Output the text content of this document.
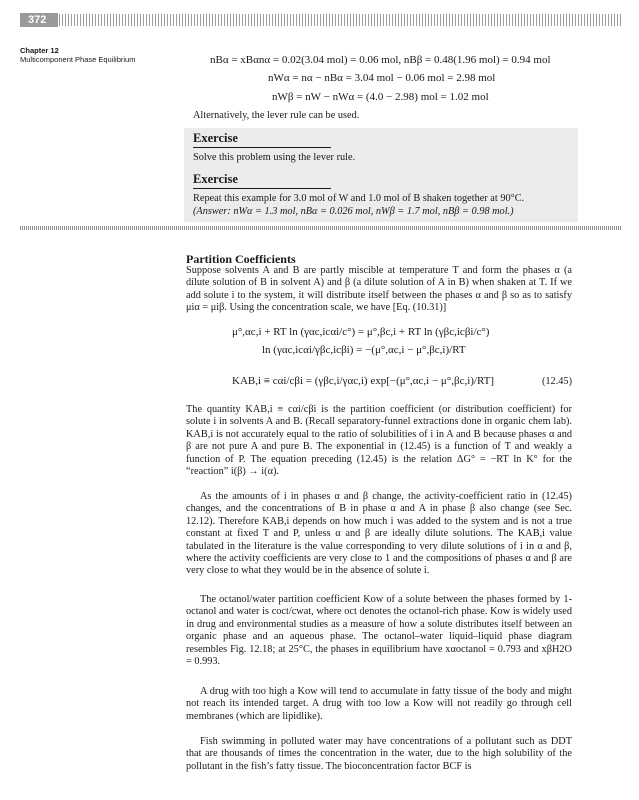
372
Chapter 12
Multicomponent Phase Equilibrium	nBα = xBαnα = 0.02(3.04 mol) = 0.06 mol, nBβ = 0.48(1.96 mol) = 0.94 mol
nWα = nα − nBα = 3.04 mol − 0.06 mol = 2.98 mol
nWβ = nW − nWα = (4.0 − 2.98) mol = 1.02 mol
Alternatively, the lever rule can be used.
Exercise
Solve this problem using the lever rule.
Exercise
Repeat this example for 3.0 mol of W and 1.0 mol of B shaken together at 90°C.
(Answer: nWα = 1.3 mol, nBα = 0.026 mol, nWβ = 1.7 mol, nBβ = 0.98 mol.)
Partition Coefficients

Suppose solvents A and B are partly miscible at temperature T and form the phases α (a dilute solution of B in solvent A) and β (a dilute solution of A in B) when shaken at T. If we add solute i to the system, it will distribute itself between the phases α and β so as to satisfy μiα = μiβ. Using the concentration scale, we have [Eq. (10.31)]

μ°,αc,i + RT ln (γαc,icαi/c°) = μ°,βc,i + RT ln (γβc,icβi/c°)
ln (γαc,icαi/γβc,icβi) = −(μ°,αc,i − μ°,βc,i)/RT
KAB,i ≡ cαi/cβi = (γβc,i/γαc,i) exp[−(μ°,αc,i − μ°,βc,i)/RT]	(12.45)

The quantity KAB,i ≡ cαi/cβi is the partition coefficient (or distribution coefficient) for solute i in solvents A and B. (Recall separatory-funnel extractions done in organic chem lab). KAB,i is not accurately equal to the ratio of solubilities of i in A and B because phases α and β are not pure A and pure B. The exponential in (12.45) is a function of T and weakly a function of P. The equation preceding (12.45) is the relation ΔG° = −RT ln K° for the “reaction” i(β) → i(α).

As the amounts of i in phases α and β change, the activity-coefficient ratio in (12.45) changes, and the concentrations of B in phase α and A in phase β also change (see Sec. 12.12). Therefore KAB,i depends on how much i was added to the system and is not a true constant at fixed T and P, unless α and β are ideally dilute solutions. The KAB,i value tabulated in the literature is the value corresponding to very dilute solutions of i in α and β, where the activity coefficients are very close to 1 and the compositions of phases α and β are very close to what they would be in the absence of solute i.

The octanol/water partition coefficient Kow of a solute between the phases formed by 1-octanol and water is coct/cwat, where oct denotes the octanol-rich phase. Kow is widely used in drug and environmental studies as a measure of how a solute distributes itself between an organic phase and an aqueous phase. The octanol–water liquid–liquid phase diagram resembles Fig. 12.18; at 25°C, the phases in equilibrium have xαoctanol = 0.793 and xβH2O = 0.993.

A drug with too high a Kow will tend to accumulate in fatty tissue of the body and might not reach its intended target. A drug with too low a Kow will not readily go through cell membranes (which are lipidlike).

Fish swimming in polluted water may have concentrations of a pollutant such as DDT that are thousands of times the concentration in the water, due to the high solubility of the pollutant in the fish’s fatty tissue. The bioconcentration factor BCF is
